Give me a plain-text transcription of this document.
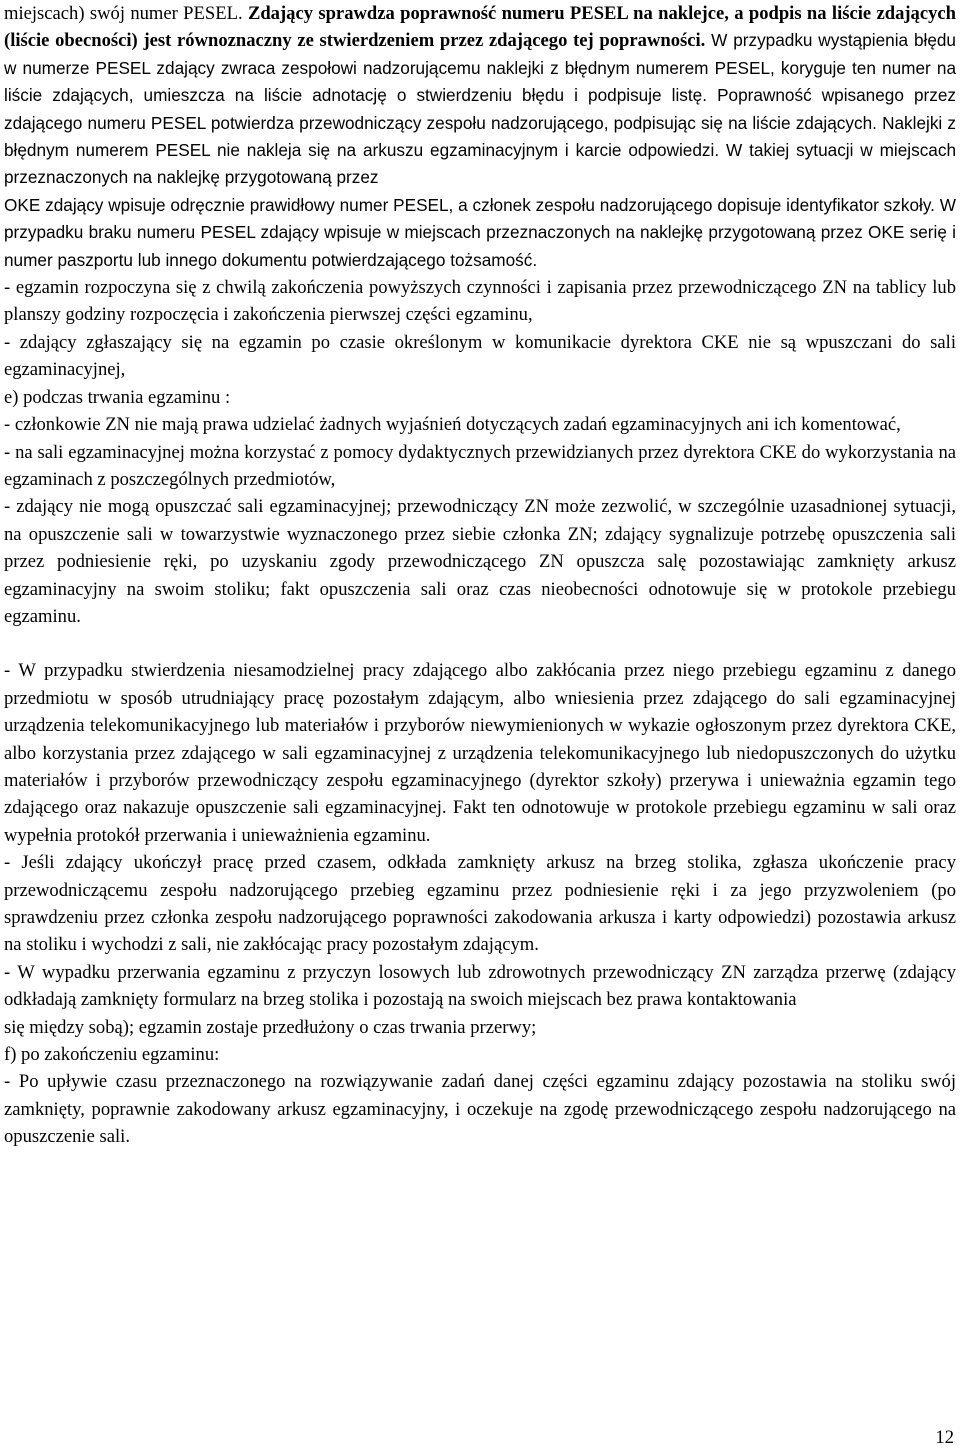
miejscach) swój numer PESEL. Zdający sprawdza poprawność numeru PESEL na naklejce, a podpis na liście zdających (liście obecności) jest równoznaczny ze stwierdzeniem przez zdającego tej poprawności. W przypadku wystąpienia błędu w numerze PESEL zdający zwraca zespołowi nadzorującemu naklejki z błędnym numerem PESEL, koryguje ten numer na liście zdających, umieszcza na liście adnotację o stwierdzeniu błędu i podpisuje listę. Poprawność wpisanego przez zdającego numeru PESEL potwierdza przewodniczący zespołu nadzorującego, podpisując się na liście zdających. Naklejki z błędnym numerem PESEL nie nakleja się na arkuszu egzaminacyjnym i karcie odpowiedzi. W takiej sytuacji w miejscach przeznaczonych na naklejkę przygotowaną przez
OKE zdający wpisuje odręcznie prawidłowy numer PESEL, a członek zespołu nadzorującego dopisuje identyfikator szkoły. W przypadku braku numeru PESEL zdający wpisuje w miejscach przeznaczonych na naklejkę przygotowaną przez OKE serię i numer paszportu lub innego dokumentu potwierdzającego tożsamość.

- egzamin rozpoczyna się z chwilą zakończenia powyższych czynności i zapisania przez przewodniczącego ZN na tablicy lub planszy godziny rozpoczęcia i zakończenia pierwszej części egzaminu,

- zdający zgłaszający się na egzamin po czasie określonym w komunikacie dyrektora CKE nie są wpuszczani do sali egzaminacyjnej,

e) podczas trwania egzaminu :

- członkowie ZN nie mają prawa udzielać żadnych wyjaśnień dotyczących zadań egzaminacyjnych ani ich komentować,

- na sali egzaminacyjnej można korzystać z pomocy dydaktycznych przewidzianych przez dyrektora CKE do wykorzystania na egzaminach z poszczególnych przedmiotów,

- zdający nie mogą opuszczać sali egzaminacyjnej; przewodniczący ZN może zezwolić, w szczególnie uzasadnionej sytuacji, na opuszczenie sali w towarzystwie wyznaczonego przez siebie członka ZN; zdający sygnalizuje potrzebę opuszczenia sali przez podniesienie ręki, po uzyskaniu zgody przewodniczącego ZN opuszcza salę pozostawiając zamknięty arkusz egzaminacyjny na swoim stoliku; fakt opuszczenia sali oraz czas nieobecności odnotowuje się w protokole przebiegu egzaminu.

- W przypadku stwierdzenia niesamodzielnej pracy zdającego albo zakłócania przez niego przebiegu egzaminu z danego przedmiotu w sposób utrudniający pracę pozostałym zdającym, albo wniesienia przez zdającego do sali egzaminacyjnej urządzenia telekomunikacyjnego lub materiałów i przyborów niewymienionych w wykazie ogłoszonym przez dyrektora CKE, albo korzystania przez zdającego w sali egzaminacyjnej z urządzenia telekomunikacyjnego lub niedopuszczonych do użytku materiałów i przyborów przewodniczący zespołu egzaminacyjnego (dyrektor szkoły) przerywa i unieważnia egzamin tego zdającego oraz nakazuje opuszczenie sali egzaminacyjnej. Fakt ten odnotowuje w protokole przebiegu egzaminu w sali oraz wypełnia protokół przerwania i unieważnienia egzaminu.

- Jeśli zdający ukończył pracę przed czasem, odkłada zamknięty arkusz na brzeg stolika, zgłasza ukończenie pracy przewodniczącemu zespołu nadzorującego przebieg egzaminu przez podniesienie ręki i za jego przyzwoleniem (po sprawdzeniu przez członka zespołu nadzorującego poprawności zakodowania arkusza i karty odpowiedzi) pozostawia arkusz na stoliku i wychodzi z sali, nie zakłócając pracy pozostałym zdającym.

- W wypadku przerwania egzaminu z przyczyn losowych lub zdrowotnych przewodniczący ZN zarządza przerwę (zdający odkładają zamknięty formularz na brzeg stolika i pozostają na swoich miejscach bez prawa kontaktowania

się między sobą); egzamin zostaje przedłużony o czas trwania przerwy;

f) po zakończeniu egzaminu:

- Po upływie czasu przeznaczonego na rozwiązywanie zadań danej części egzaminu zdający pozostawia na stoliku swój zamknięty, poprawnie zakodowany arkusz egzaminacyjny, i oczekuje na zgodę przewodniczącego zespołu nadzorującego na opuszczenie sali.

12
